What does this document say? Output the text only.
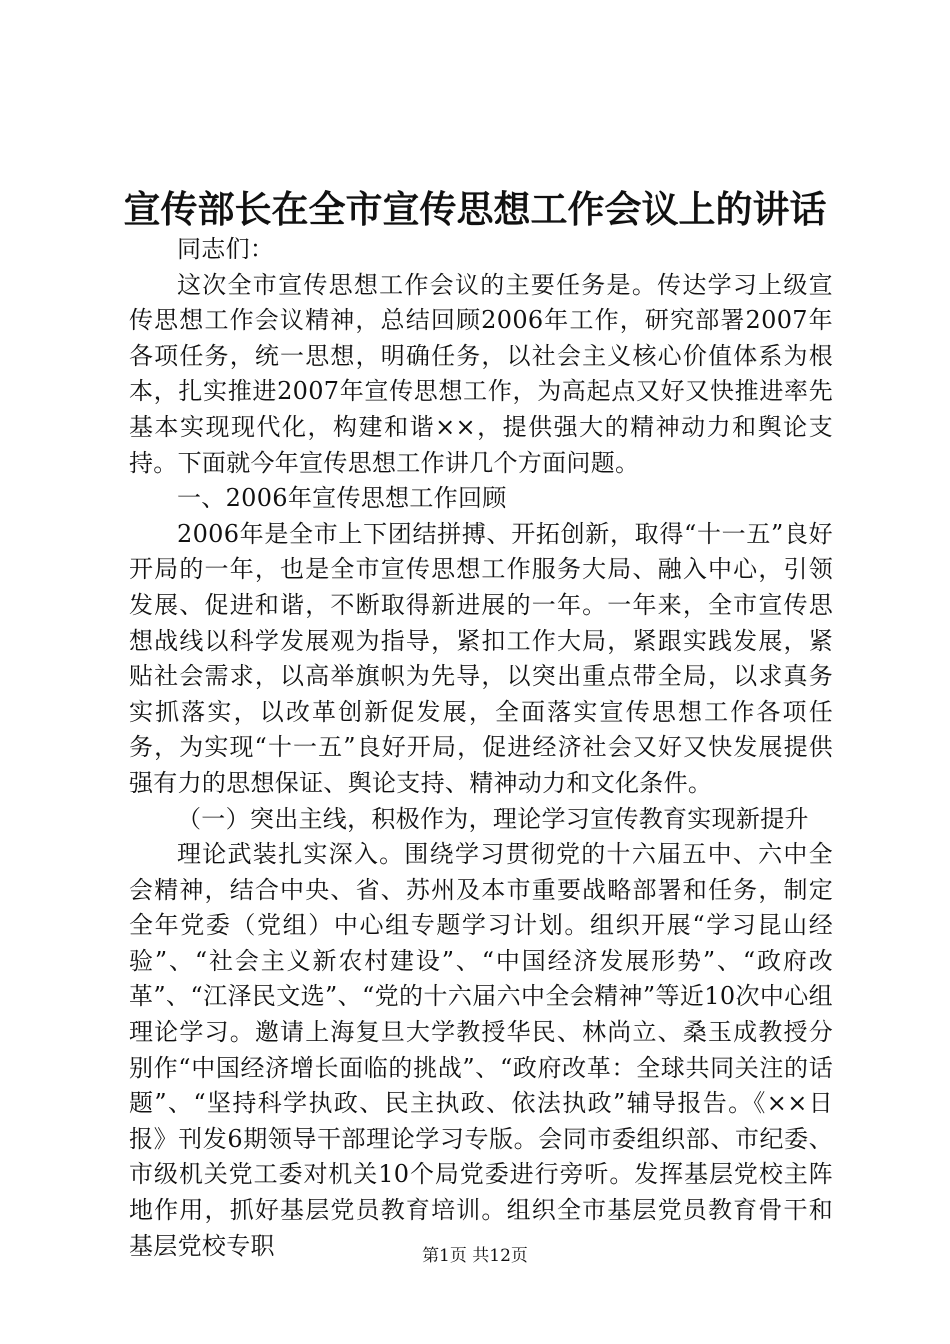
宣传部长在全市宣传思想工作会议上的讲话

同志们：

这次全市宣传思想工作会议的主要任务是。传达学习上级宣传思想工作会议精神，总结回顾2006年工作，研究部署2007年各项任务，统一思想，明确任务，以社会主义核心价值体系为根本，扎实推进2007年宣传思想工作，为高起点又好又快推进率先基本实现现代化，构建和谐××，提供强大的精神动力和舆论支持。下面就今年宣传思想工作讲几个方面问题。

一、2006年宣传思想工作回顾

2006年是全市上下团结拼搏、开拓创新，取得“十一五”良好开局的一年，也是全市宣传思想工作服务大局、融入中心，引领发展、促进和谐，不断取得新进展的一年。一年来，全市宣传思想战线以科学发展观为指导，紧扣工作大局，紧跟实践发展，紧贴社会需求，以高举旗帜为先导，以突出重点带全局，以求真务实抓落实，以改革创新促发展，全面落实宣传思想工作各项任务，为实现“十一五”良好开局，促进经济社会又好又快发展提供强有力的思想保证、舆论支持、精神动力和文化条件。

（一）突出主线，积极作为，理论学习宣传教育实现新提升

理论武装扎实深入。围绕学习贯彻党的十六届五中、六中全会精神，结合中央、省、苏州及本市重要战略部署和任务，制定全年党委（党组）中心组专题学习计划。组织开展“学习昆山经验”、“社会主义新农村建设”、“中国经济发展形势”、“政府改革”、“江泽民文选”、“党的十六届六中全会精神”等近10次中心组理论学习。邀请上海复旦大学教授华民、林尚立、桑玉成教授分别作“中国经济增长面临的挑战”、“政府改革：全球共同关注的话题”、“坚持科学执政、民主执政、依法执政”辅导报告。《××日报》刊发6期领导干部理论学习专版。会同市委组织部、市纪委、市级机关党工委对机关10个局党委进行旁听。发挥基层党校主阵地作用，抓好基层党员教育培训。组织全市基层党员教育骨干和基层党校专职	第1页 共12页
